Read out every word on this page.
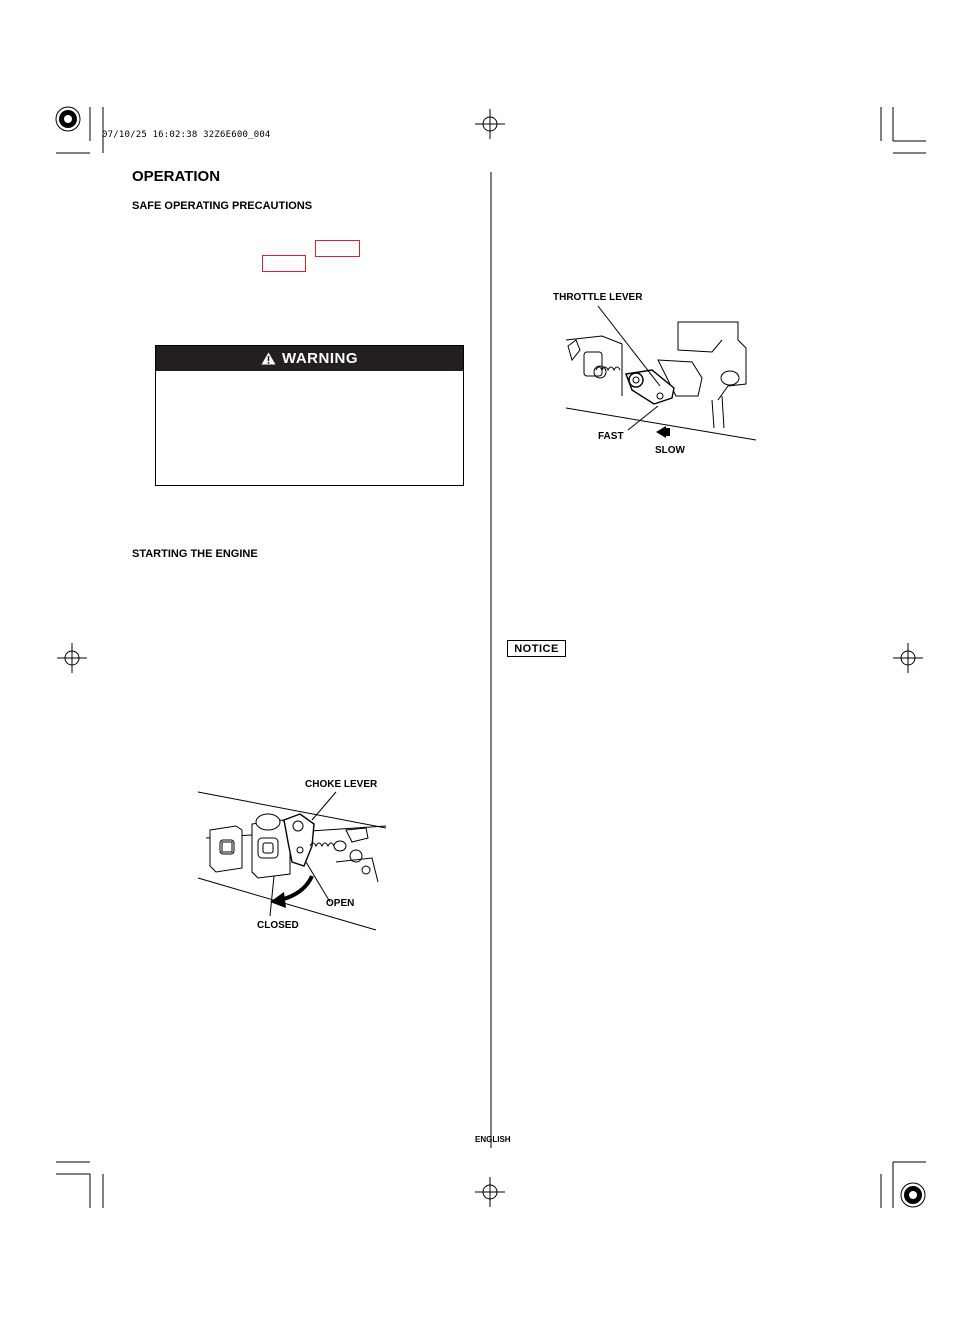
07/10/25 16:02:38 32Z6E600_004
OPERATION
SAFE OPERATING PRECAUTIONS
WARNING
STARTING THE ENGINE
CHOKE LEVER
OPEN
CLOSED
THROTTLE LEVER
FAST
SLOW
NOTICE
ENGLISH
